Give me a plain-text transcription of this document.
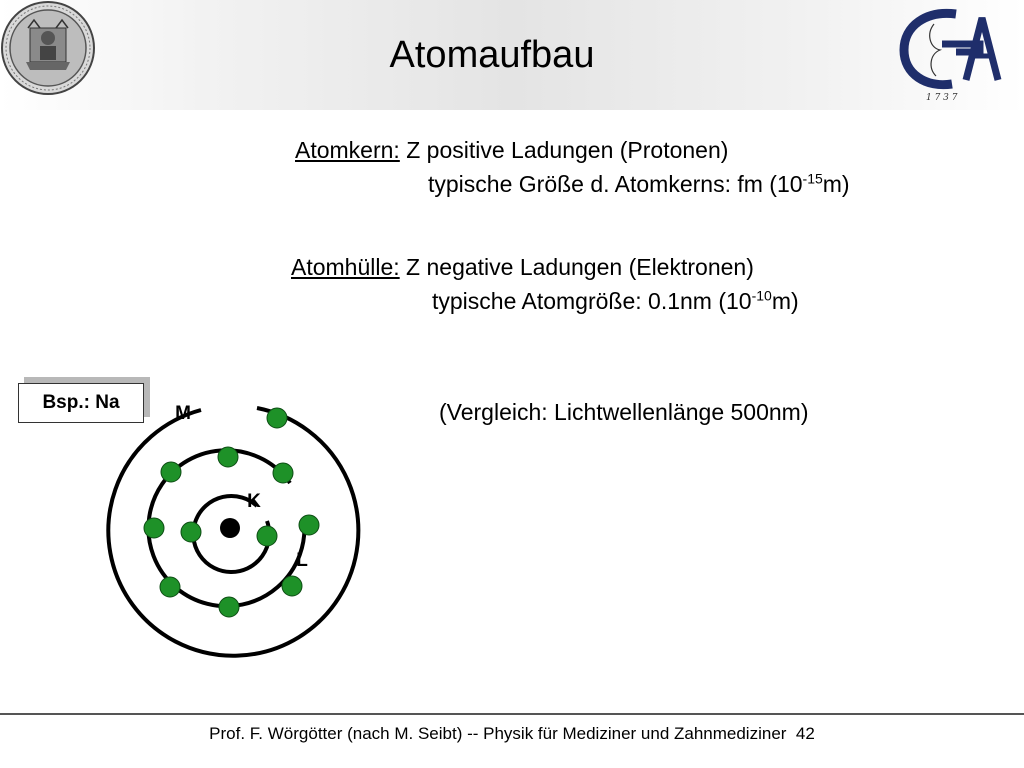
Atomaufbau
1 7 3 7
Atomkern: Z positive Ladungen (Protonen)
typische Größe d. Atomkerns: fm $(10^{-15}m)$
Atomhülle: Z negative Ladungen (Elektronen)
typische Atomgröße: 0.1nm $(10^{-10}m)$
(Vergleich: Lichtwellenlänge 500nm)
Bsp.: Na
M
K
L
Prof. F. Wörgötter (nach M. Seibt) -- Physik für Mediziner und Zahnmediziner 42
